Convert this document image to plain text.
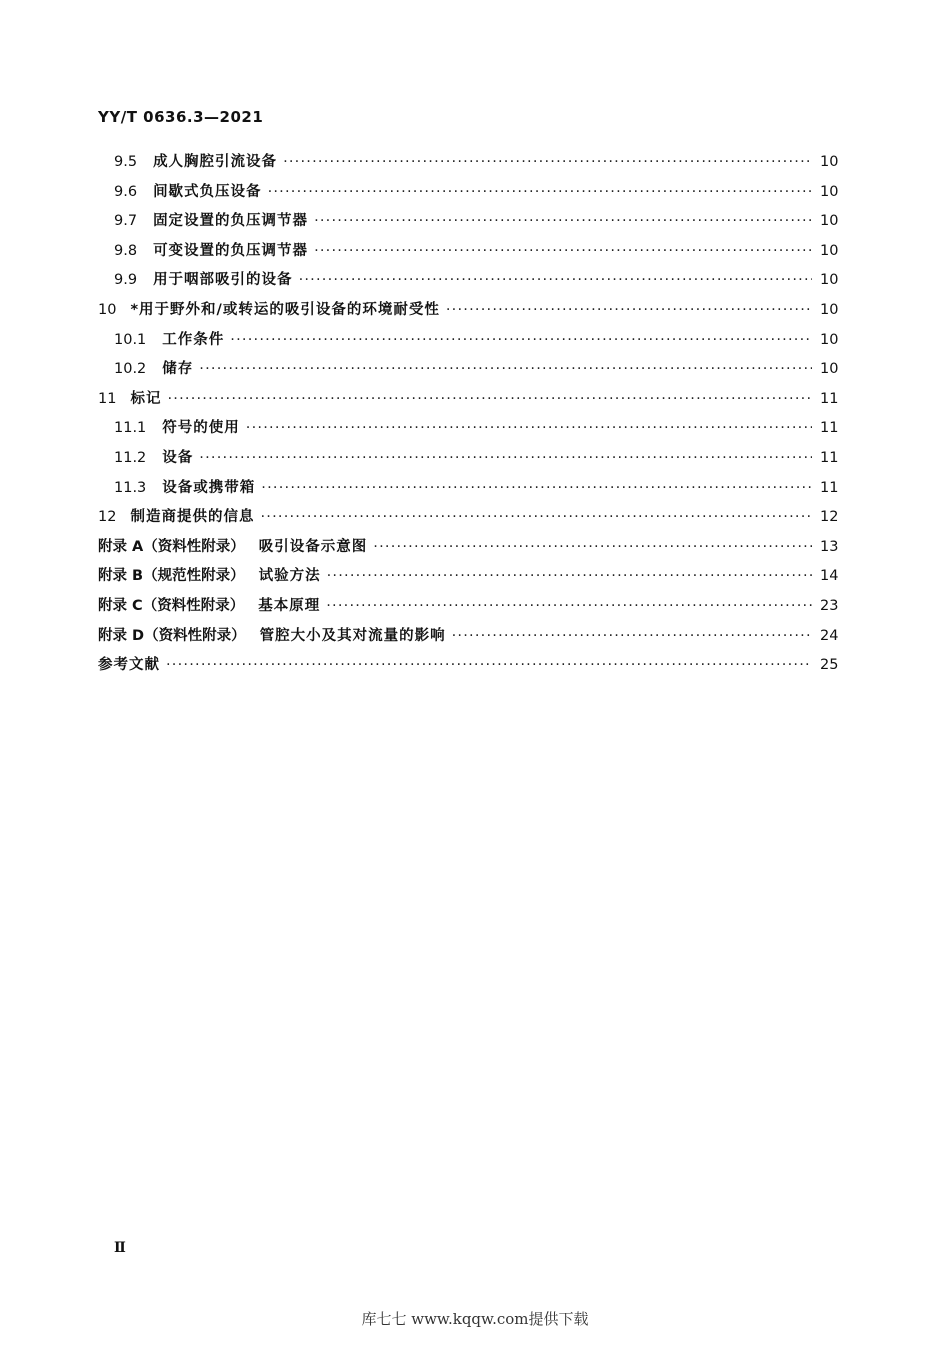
YY/T 0636.3—2021
9.5 成人胸腔引流设备 ·····	10
9.6 间歇式负压设备 ·····	10
9.7 固定设置的负压调节器 ·····	10
9.8 可变设置的负压调节器 ·····	10
9.9 用于咽部吸引的设备 ·····	10
10 *用于野外和/或转运的吸引设备的环境耐受性 ·····	10
10.1 工作条件 ·····	10
10.2 储存 ·····	10
11 标记 ·····	11
11.1 符号的使用 ·····	11
11.2 设备 ·····	11
11.3 设备或携带箱 ·····	11
12 制造商提供的信息 ·····	12
附录 A（资料性附录） 吸引设备示意图 ·····	13
附录 B（规范性附录） 试验方法 ·····	14
附录 C（资料性附录） 基本原理 ·····	23
附录 D（资料性附录） 管腔大小及其对流量的影响 ·····	24
参考文献 ·····	25
Ⅱ
库七七 www.kqqw.com提供下载
